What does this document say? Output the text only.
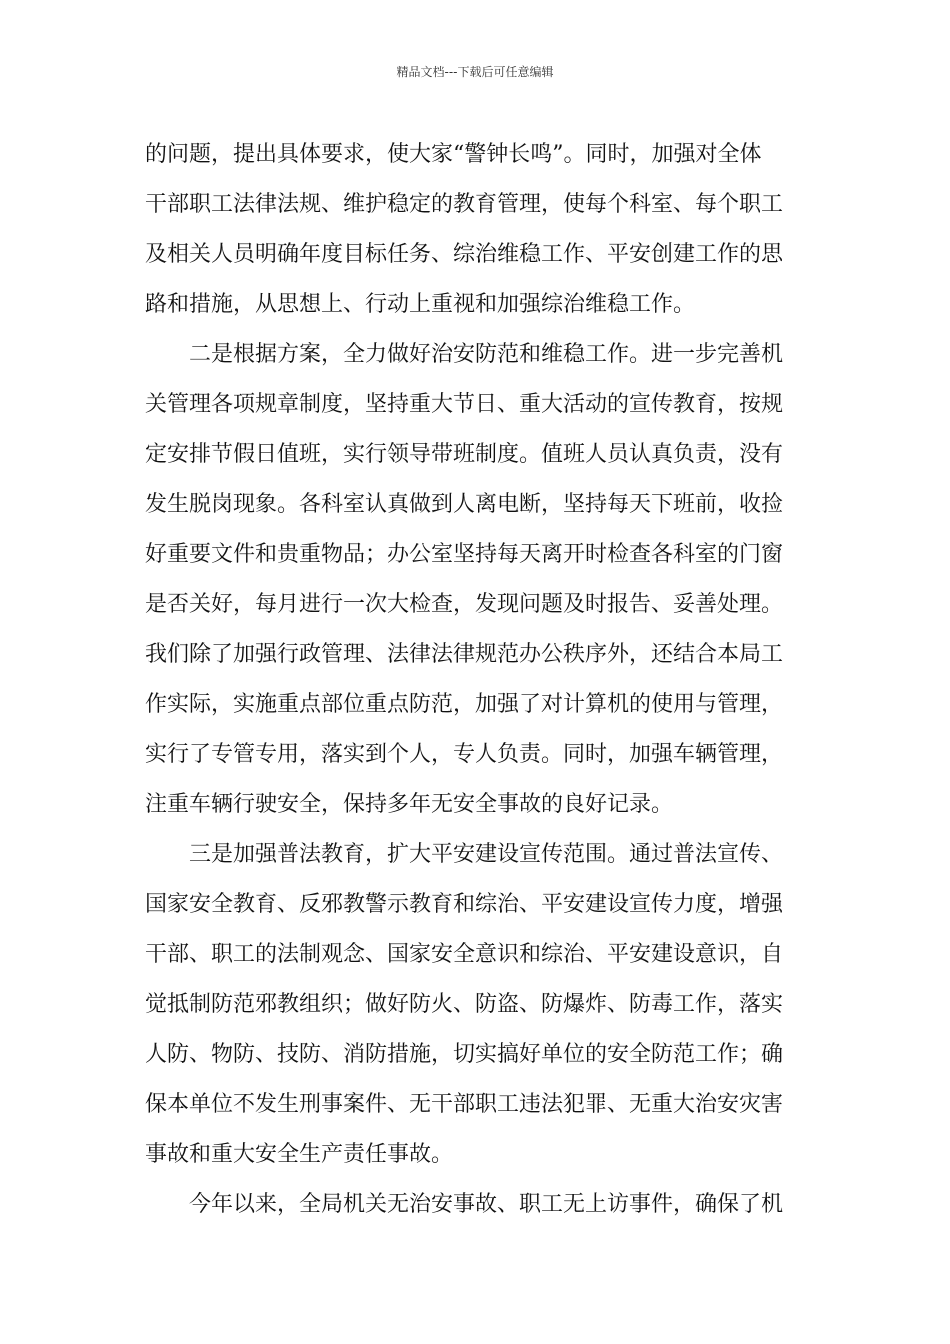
精品文档---下载后可任意编辑
的问题，提出具体要求，使大家“警钟长鸣”。同时，加强对全体
干部职工法律法规、维护稳定的教育管理，使每个科室、每个职工
及相关人员明确年度目标任务、综治维稳工作、平安创建工作的思
路和措施，从思想上、行动上重视和加强综治维稳工作。
二是根据方案，全力做好治安防范和维稳工作。进一步完善机
关管理各项规章制度，坚持重大节日、重大活动的宣传教育，按规
定安排节假日值班，实行领导带班制度。值班人员认真负责，没有
发生脱岗现象。各科室认真做到人离电断，坚持每天下班前，收捡
好重要文件和贵重物品；办公室坚持每天离开时检查各科室的门窗
是否关好，每月进行一次大检查，发现问题及时报告、妥善处理。
我们除了加强行政管理、法律法律规范办公秩序外，还结合本局工
作实际，实施重点部位重点防范，加强了对计算机的使用与管理，
实行了专管专用，落实到个人，专人负责。同时，加强车辆管理，
注重车辆行驶安全，保持多年无安全事故的良好记录。
三是加强普法教育，扩大平安建设宣传范围。通过普法宣传、
国家安全教育、反邪教警示教育和综治、平安建设宣传力度，增强
干部、职工的法制观念、国家安全意识和综治、平安建设意识，自
觉抵制防范邪教组织；做好防火、防盗、防爆炸、防毒工作，落实
人防、物防、技防、消防措施，切实搞好单位的安全防范工作；确
保本单位不发生刑事案件、无干部职工违法犯罪、无重大治安灾害
事故和重大安全生产责任事故。
今年以来，全局机关无治安事故、职工无上访事件，确保了机
